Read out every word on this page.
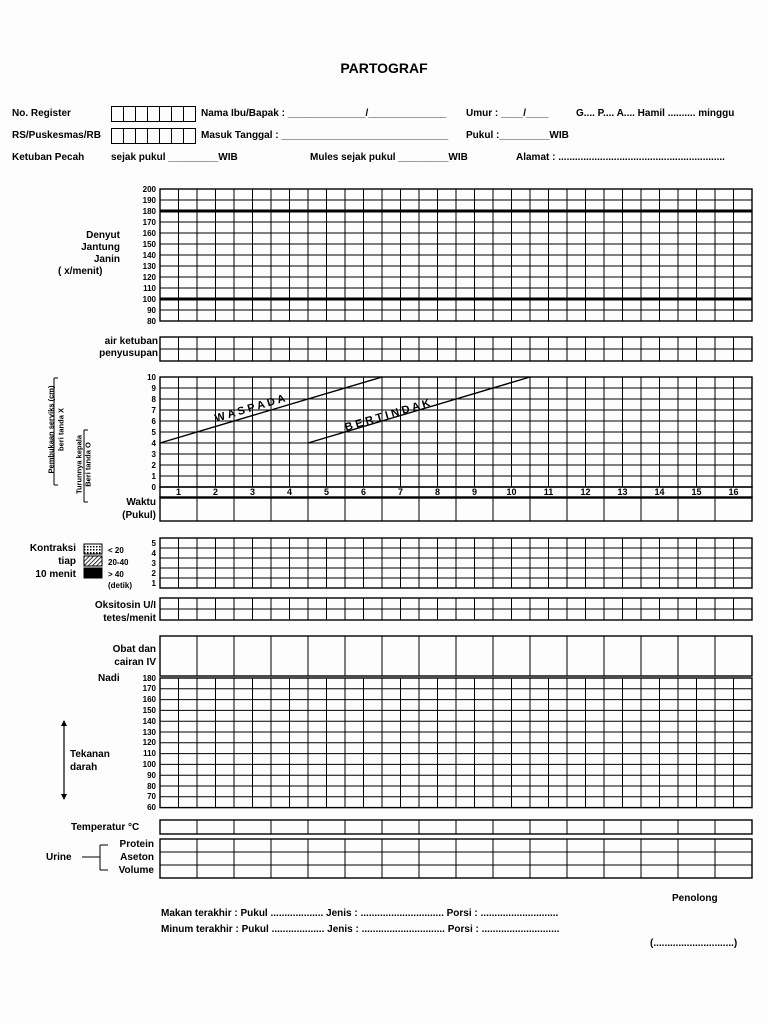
PARTOGRAF
No. Register	Nama Ibu/Bapak : ______________/______________ Umur : ____/____	G.... P.... A.... Hamil .......... minggu
RS/Puskesmas/RB	Masuk Tanggal : ______________________________ Pukul :_________WIB
Ketuban Pecah	sejak pukul _________WIB	Mules sejak pukul _________WIB	Alamat : ............................................................
Denyut
Jantung
Janin
( x/menit)
200
190
180
170
160
150
140
130
120
110
100
90
80
air ketuban
penyusupan
10
9
8
7
6
5
4
3
2
1
0
Pembukaan serviks (cm) beri tanda X
Turunnya kepala Beri tanda O
1	2	3	4	5	6	7	8	9	10	11	12	13	14	15	16
Waktu
(Pukul)
Kontraksi
tiap
10 menit
< 20
20-40
> 40
(detik)
5
4
3
2
1
Oksitosin U/I
tetes/menit
Obat dan
cairan IV
Nadi	180
170
160
150
140
130
120
110
100
90
80
70
60
Tekanan
darah
Temperatur °C
Urine
Protein
Aseton
Volume
Penolong
Makan terakhir : Pukul ................... Jenis : .............................. Porsi : ............................
Minum terakhir : Pukul ................... Jenis : .............................. Porsi : ............................
(.............................)
W A S P A D A	B E R T I N D A K
